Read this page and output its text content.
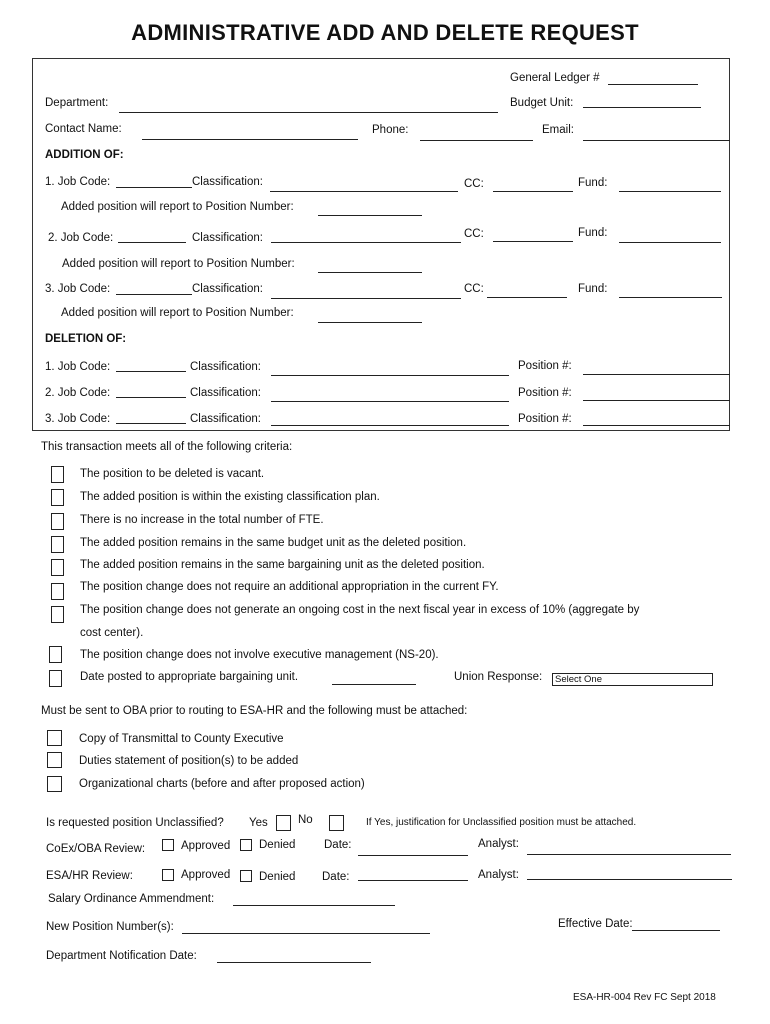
ADMINISTRATIVE ADD AND DELETE REQUEST
General Ledger #
Department:	Budget Unit:
Contact Name:	Phone:	Email:
ADDITION OF:
1. Job Code:	Classification:	CC:	Fund:
Added position will report to Position Number:
2. Job Code:	Classification:	CC:	Fund:
Added position will report to Position Number:
3. Job Code:	Classification:	CC:	Fund:
Added position will report to Position Number:
DELETION OF:
1. Job Code:	Classification:	Position #:
2. Job Code:	Classification:	Position #:
3. Job Code:	Classification:	Position #:
This transaction meets all of the following criteria:
The position to be deleted is vacant.
The added position is within the existing classification plan.
There is no increase in the total number of FTE.
The added position remains in the same budget unit as the deleted position.
The added position remains in the same bargaining unit as the deleted position.
The position change does not require an additional appropriation in the current FY.
The position change does not generate an ongoing cost in the next fiscal year in excess of 10% (aggregate by
cost center).
The position change does not involve executive management (NS-20).
Date posted to appropriate bargaining unit.	Union Response:	Select One
Must be sent to OBA prior to routing to ESA-HR and the following must be attached:
Copy of Transmittal to County Executive
Duties statement of position(s) to be added
Organizational charts (before and after proposed action)
Is requested position Unclassified? Yes	No	If Yes, justification for Unclassified position must be attached.
CoEx/OBA Review:	Approved	Denied Date:	Analyst:
ESA/HR Review:	Approved	Denied Date:	Analyst:
Salary Ordinance Ammendment:
New Position Number(s):	Effective Date:
Department Notification Date:
ESA-HR-004 Rev FC Sept 2018
